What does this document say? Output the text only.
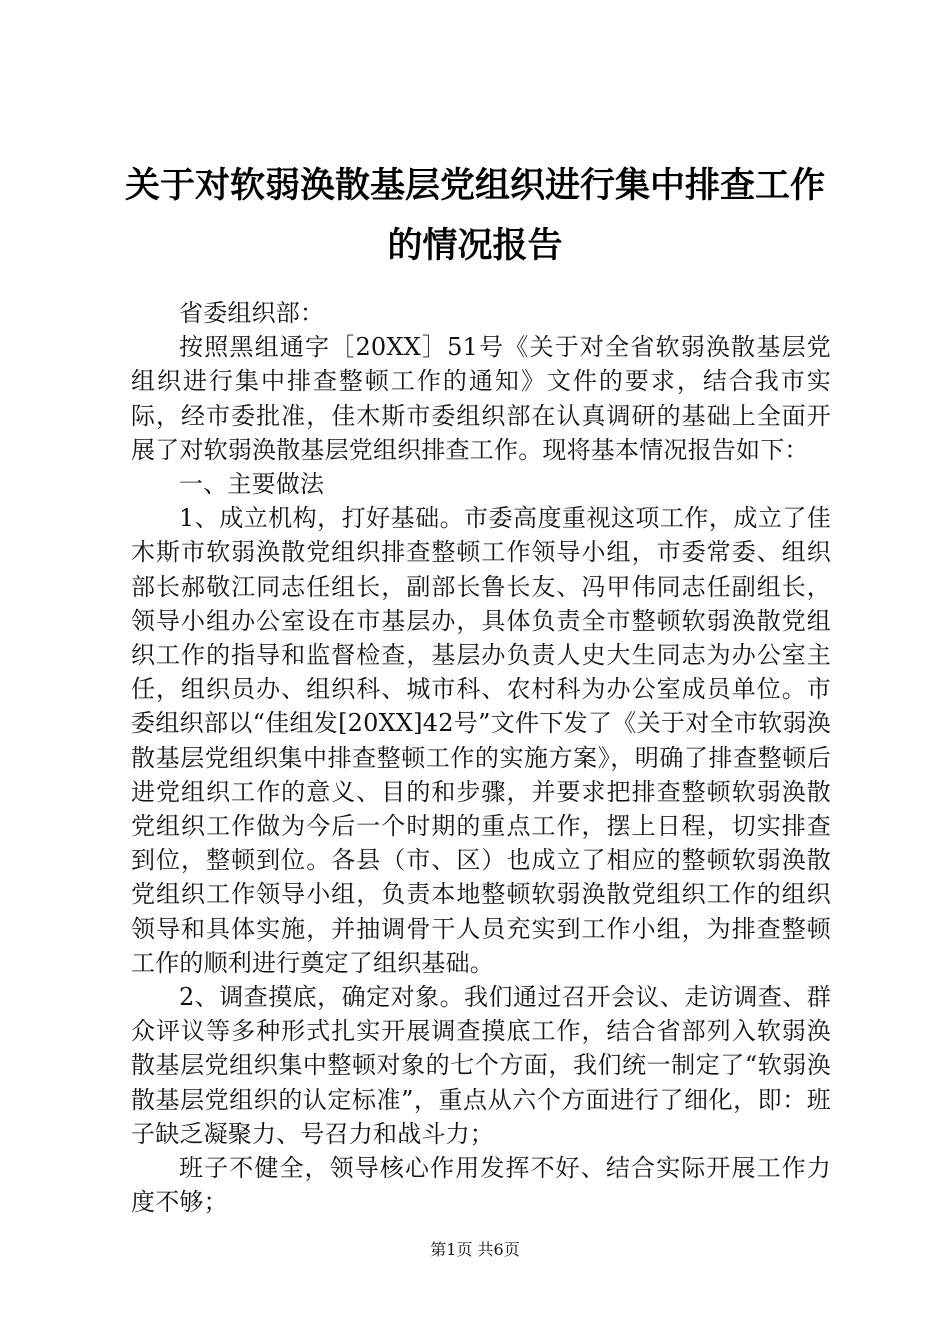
关于对软弱涣散基层党组织进行集中排查工作
的情况报告

省委组织部：

按照黑组通字［20XX］51号《关于对全省软弱涣散基层党组织进行集中排查整顿工作的通知》文件的要求，结合我市实际，经市委批准，佳木斯市委组织部在认真调研的基础上全面开展了对软弱涣散基层党组织排查工作。现将基本情况报告如下：

一、主要做法

1、成立机构，打好基础。市委高度重视这项工作，成立了佳木斯市软弱涣散党组织排查整顿工作领导小组，市委常委、组织部长郝敬江同志任组长，副部长鲁长友、冯甲伟同志任副组长，领导小组办公室设在市基层办，具体负责全市整顿软弱涣散党组织工作的指导和监督检查，基层办负责人史大生同志为办公室主任，组织员办、组织科、城市科、农村科为办公室成员单位。市委组织部以“佳组发[20XX]42号”文件下发了《关于对全市软弱涣散基层党组织集中排查整顿工作的实施方案》，明确了排查整顿后进党组织工作的意义、目的和步骤，并要求把排查整顿软弱涣散党组织工作做为今后一个时期的重点工作，摆上日程，切实排查到位，整顿到位。各县（市、区）也成立了相应的整顿软弱涣散党组织工作领导小组，负责本地整顿软弱涣散党组织工作的组织领导和具体实施，并抽调骨干人员充实到工作小组，为排查整顿工作的顺利进行奠定了组织基础。

2、调查摸底，确定对象。我们通过召开会议、走访调查、群众评议等多种形式扎实开展调查摸底工作，结合省部列入软弱涣散基层党组织集中整顿对象的七个方面，我们统一制定了“软弱涣散基层党组织的认定标准”，重点从六个方面进行了细化，即：班子缺乏凝聚力、号召力和战斗力；

班子不健全，领导核心作用发挥不好、结合实际开展工作力度不够；

第1页 共6页
